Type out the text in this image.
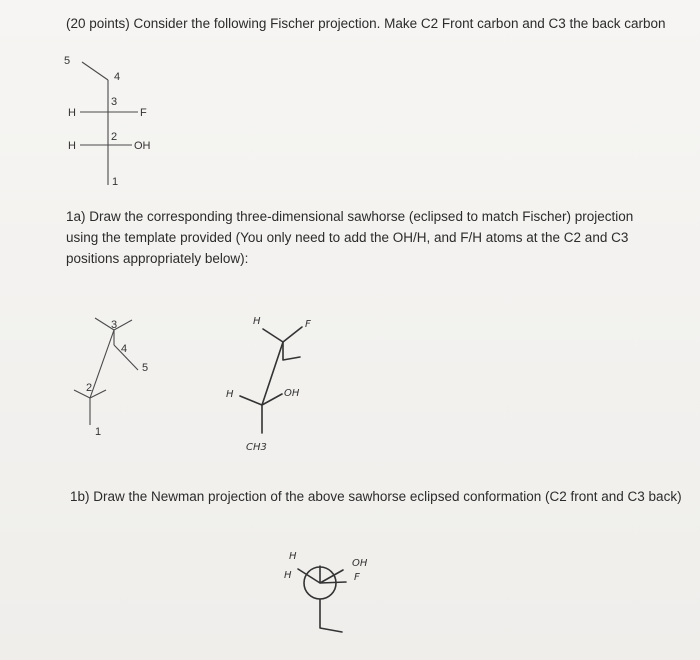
(20 points) Consider the following Fischer projection. Make C2 Front carbon and C3 the back carbon
1a) Draw the corresponding three-dimensional sawhorse (eclipsed to match Fischer) projection using the template provided (You only need to add the OH/H, and F/H atoms at the C2 and C3 positions appropriately below):
1b) Draw the Newman projection of the above sawhorse eclipsed conformation (C2 front and C3 back)
5
4
3
2
1
H	F
H	OH
3
4
5
2
1
H	F
H	OH
CH3
H
H
OH
F
